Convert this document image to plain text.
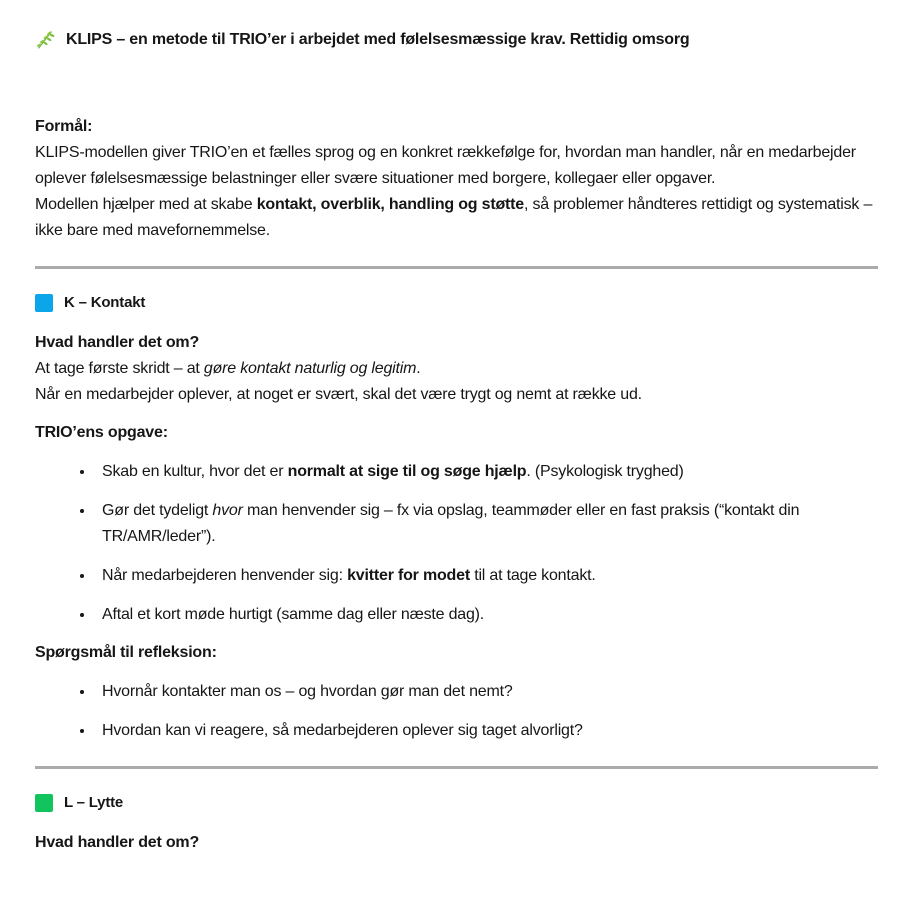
KLIPS – en metode til TRIO’er i arbejdet med følelsesmæssige krav. Rettidig omsorg

Formål:

KLIPS-modellen giver TRIO’en et fælles sprog og en konkret rækkefølge for, hvordan man handler, når en medarbejder oplever følelsesmæssige belastninger eller svære situationer med borgere, kollegaer eller opgaver.

Modellen hjælper med at skabe kontakt, overblik, handling og støtte, så problemer håndteres rettidigt og systematisk – ikke bare med mavefornemmelse.

K – Kontakt

Hvad handler det om?

At tage første skridt – at gøre kontakt naturlig og legitim.

Når en medarbejder oplever, at noget er svært, skal det være trygt og nemt at række ud.

TRIO’ens opgave:

• Skab en kultur, hvor det er normalt at sige til og søge hjælp. (Psykologisk tryghed)
• Gør det tydeligt hvor man henvender sig – fx via opslag, teammøder eller en fast praksis (“kontakt din TR/AMR/leder”).
• Når medarbejderen henvender sig: kvitter for modet til at tage kontakt.
• Aftal et kort møde hurtigt (samme dag eller næste dag).

Spørgsmål til refleksion:

• Hvornår kontakter man os – og hvordan gør man det nemt?
• Hvordan kan vi reagere, så medarbejderen oplever sig taget alvorligt?
L – Lytte

Hvad handler det om?
